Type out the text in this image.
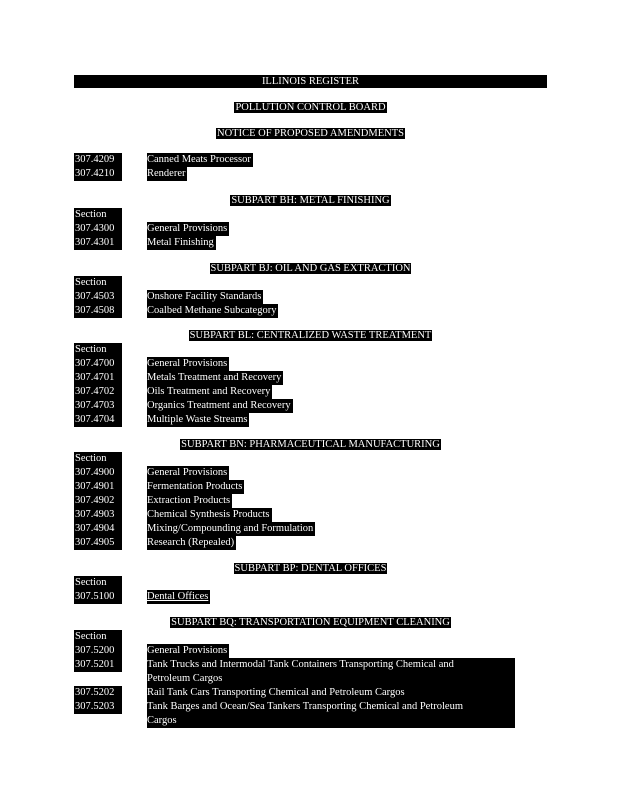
ILLINOIS REGISTER
POLLUTION CONTROL BOARD
NOTICE OF PROPOSED AMENDMENTS
307.4209	Canned Meats Processor
307.4210	Renderer
SUBPART BH: METAL FINISHING
Section
307.4300	General Provisions
307.4301	Metal Finishing
SUBPART BJ: OIL AND GAS EXTRACTION
Section
307.4503	Onshore Facility Standards
307.4508	Coalbed Methane Subcategory
SUBPART BL: CENTRALIZED WASTE TREATMENT
Section
307.4700	General Provisions
307.4701	Metals Treatment and Recovery
307.4702	Oils Treatment and Recovery
307.4703	Organics Treatment and Recovery
307.4704	Multiple Waste Streams
SUBPART BN: PHARMACEUTICAL MANUFACTURING
Section
307.4900	General Provisions
307.4901	Fermentation Products
307.4902	Extraction Products
307.4903	Chemical Synthesis Products
307.4904	Mixing/Compounding and Formulation
307.4905	Research (Repealed)
SUBPART BP: DENTAL OFFICES
Section
307.5100	Dental Offices
SUBPART BQ: TRANSPORTATION EQUIPMENT CLEANING
Section
307.5200	General Provisions
307.5201	Tank Trucks and Intermodal Tank Containers Transporting Chemical and
Petroleum Cargos
307.5202	Rail Tank Cars Transporting Chemical and Petroleum Cargos
307.5203	Tank Barges and Ocean/Sea Tankers Transporting Chemical and Petroleum
Cargos
